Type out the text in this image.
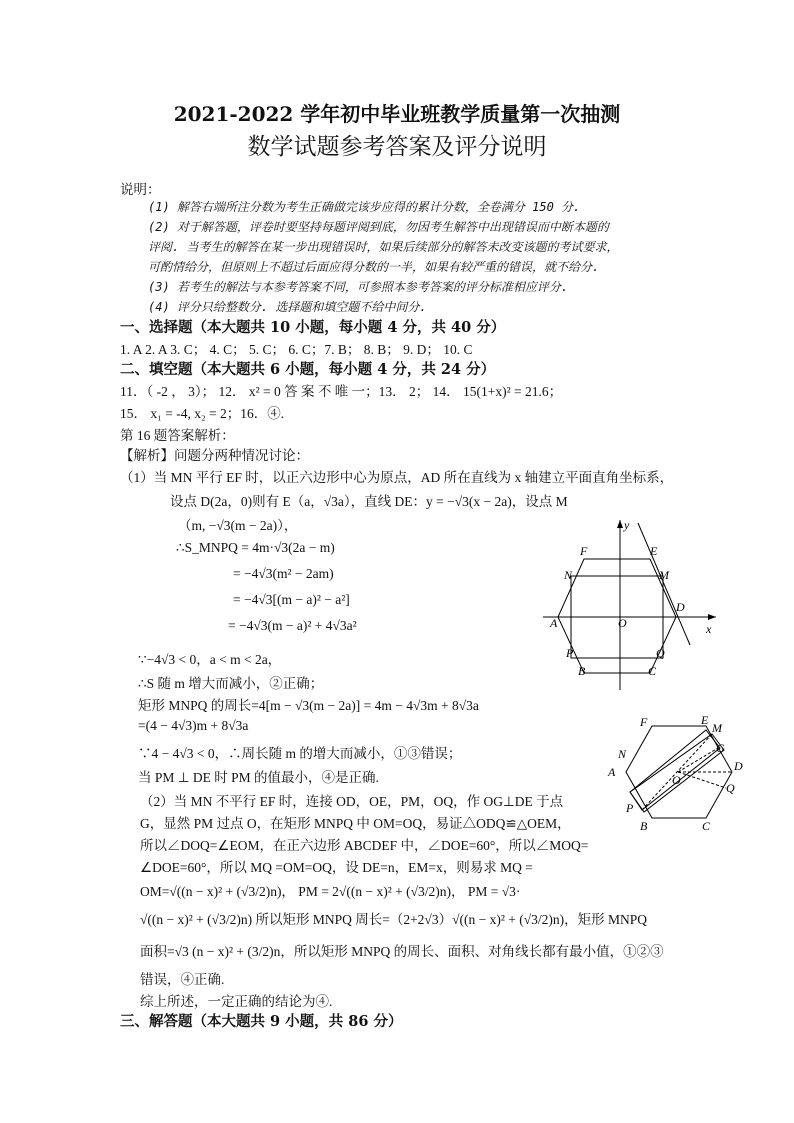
2021-2022 学年初中毕业班教学质量第一次抽测
数学试题参考答案及评分说明
说明：
(1) 解答右端所注分数为考生正确做完该步应得的累计分数，全卷满分 150 分.
(2) 对于解答题，评卷时要坚持每题评阅到底，勿因考生解答中出现错误而中断本题的
评阅. 当考生的解答在某一步出现错误时，如果后续部分的解答未改变该题的考试要求，
可酌情给分，但原则上不超过后面应得分数的一半，如果有较严重的错误，就不给分.
(3) 若考生的解法与本参考答案不同，可参照本参考答案的评分标准相应评分.
(4) 评分只给整数分. 选择题和填空题不给中间分.
一、选择题（本大题共 10 小题，每小题 4 分，共 40 分）
1. A 2. A 3. C； 4. C； 5. C； 6. C；7. B； 8. B； 9. D； 10. C
二、填空题（本大题共 6 小题，每小题 4 分，共 24 分）
11．（ -2 ， 3）； 12． x² = 0 答 案 不 唯 一；13． 2； 14． 15(1+x)² = 21.6；
15． x₁ = -4, x₂ = 2；16．④.
第 16 题答案解析：
【解析】问题分两种情况讨论：
（1）当 MN 平行 EF 时，以正六边形中心为原点，AD 所在直线为 x 轴建立平面直角坐标系，
设点 D(2a，0)则有 E（a，√3a），直线 DE：y = −√3(x − 2a)，设点 M
（m, −√3(m − 2a)），
∴S_MNPQ = 4m·√3(2a − m)
= −4√3(m² − 2am)
= −4√3[(m − a)² − a²]
= −4√3(m − a)² + 4√3a²
∵−4√3 < 0，a < m < 2a，
∴S 随 m 增大而减小，②正确；
矩形 MNPQ 的周长=4[m − √3(m − 2a)] = 4m − 4√3m + 8√3a
=(4 − 4√3)m + 8√3a
∵4 − 4√3 < 0，∴周长随 m 的增大而减小，①③错误；
当 PM ⊥ DE 时 PM 的值最小，④是正确.
（2）当 MN 不平行 EF 时，连接 OD，OE，PM，OQ，作 OG⊥DE 于点
G，显然 PM 过点 O，在矩形 MNPQ 中 OM=OQ，易证△ODQ≌△OEM，
所以∠DOQ=∠EOM，在正六边形 ABCDEF 中，∠DOE=60°，所以∠MOQ=
∠DOE=60°，所以 MQ =OM=OQ，设 DE=n，EM=x，则易求 MQ =
OM=√((n − x)² + (√3/2)n)， PM = 2√((n − x)² + (√3/2)n)， PM = √3·
√((n − x)² + (√3/2)n) 所以矩形 MNPQ 周长=（2+2√3）√((n − x)² + (√3/2)n)，矩形 MNPQ
面积=√3 (n − x)² + (3/2)n，所以矩形 MNPQ 的周长、面积、对角线长都有最小值，①②③
错误，④正确.
综上所述，一定正确的结论为④.
三、解答题（本大题共 9 小题，共 86 分）
y
x
F	E
N	M
A	O
D
P	Q
B	C
F	E
M
G
N
A
O
D
Q
P
B	C
